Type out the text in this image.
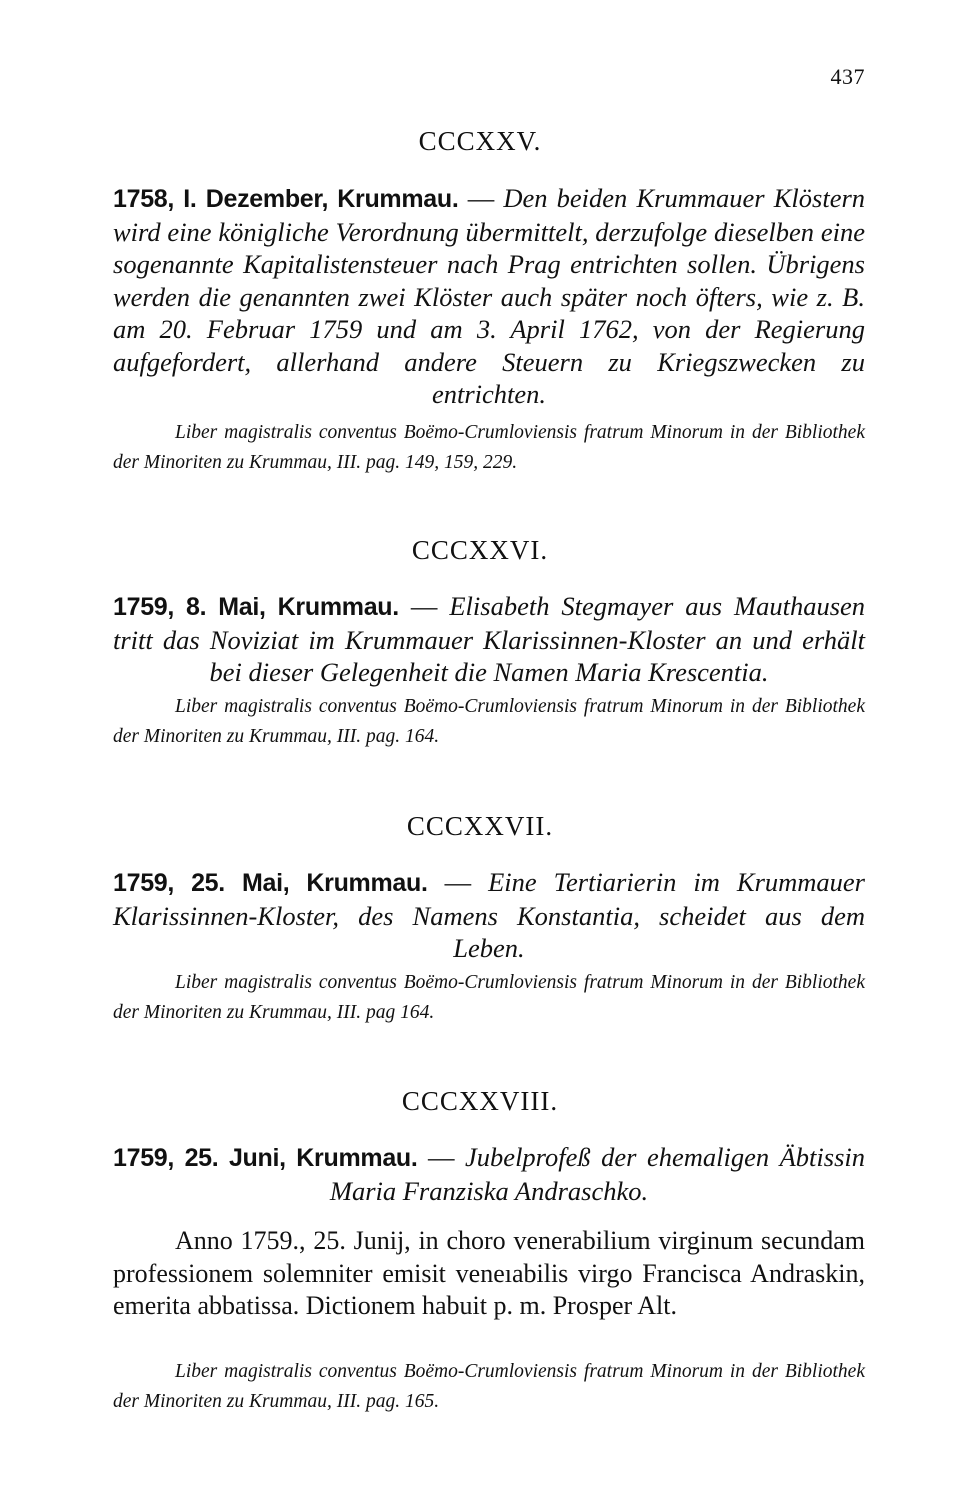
437
CCCXXV.
1758, I. Dezember, Krummau. — Den beiden Krummauer Klöstern wird eine königliche Verordnung übermittelt, derzufolge dieselben eine sogenannte Kapitalistensteuer nach Prag entrichten sollen. Übrigens werden die genannten zwei Klöster auch später noch öfters, wie z. B. am 20. Februar 1759 und am 3. April 1762, von der Regierung aufgefordert, allerhand andere Steuern zu Kriegszwecken zu entrichten.
Liber magistralis conventus Boëmo-Crumloviensis fratrum Minorum in der Bibliothek der Minoriten zu Krummau, III. pag. 149, 159, 229.
CCCXXVI.
1759, 8. Mai, Krummau. — Elisabeth Stegmayer aus Mauthausen tritt das Noviziat im Krummauer Klarissinnen-Kloster an und erhält bei dieser Gelegenheit die Namen Maria Krescentia.
Liber magistralis conventus Boëmo-Crumloviensis fratrum Minorum in der Bibliothek der Minoriten zu Krummau, III. pag. 164.
CCCXXVII.
1759, 25. Mai, Krummau. — Eine Tertiarierin im Krummauer Klarissinnen-Kloster, des Namens Konstantia, scheidet aus dem Leben.
Liber magistralis conventus Boëmo-Crumloviensis fratrum Minorum in der Bibliothek der Minoriten zu Krummau, III. pag 164.
CCCXXVIII.
1759, 25. Juni, Krummau. — Jubelprofeß der ehemaligen Äbtissin Maria Franziska Andraschko.
Anno 1759., 25. Junij, in choro venerabilium virginum secundam professionem solemniter emisit veneıabilis virgo Francisca Andraskin, emerita abbatissa. Dictionem habuit p. m. Prosper Alt.
Liber magistralis conventus Boëmo-Crumloviensis fratrum Minorum in der Bibliothek der Minoriten zu Krummau, III. pag. 165.
